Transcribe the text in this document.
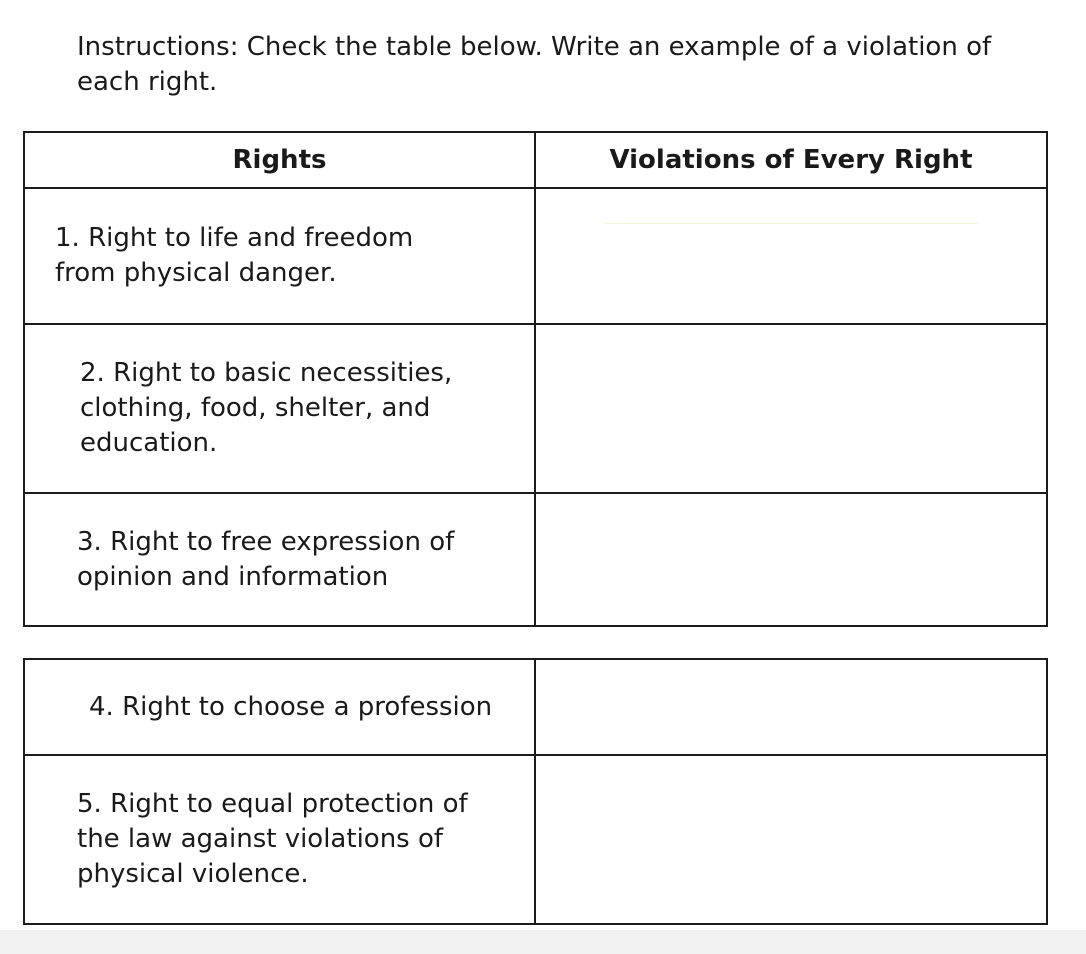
Instructions: Check the table below. Write an example of a violation of each right.

Rights	Violations of Every Right

1. Right to life and freedom from physical danger.	

2. Right to basic necessities, clothing, food, shelter, and education.	

3. Right to free expression of opinion and information	

4. Right to choose a profession	

5. Right to equal protection of the law against violations of physical violence.	
